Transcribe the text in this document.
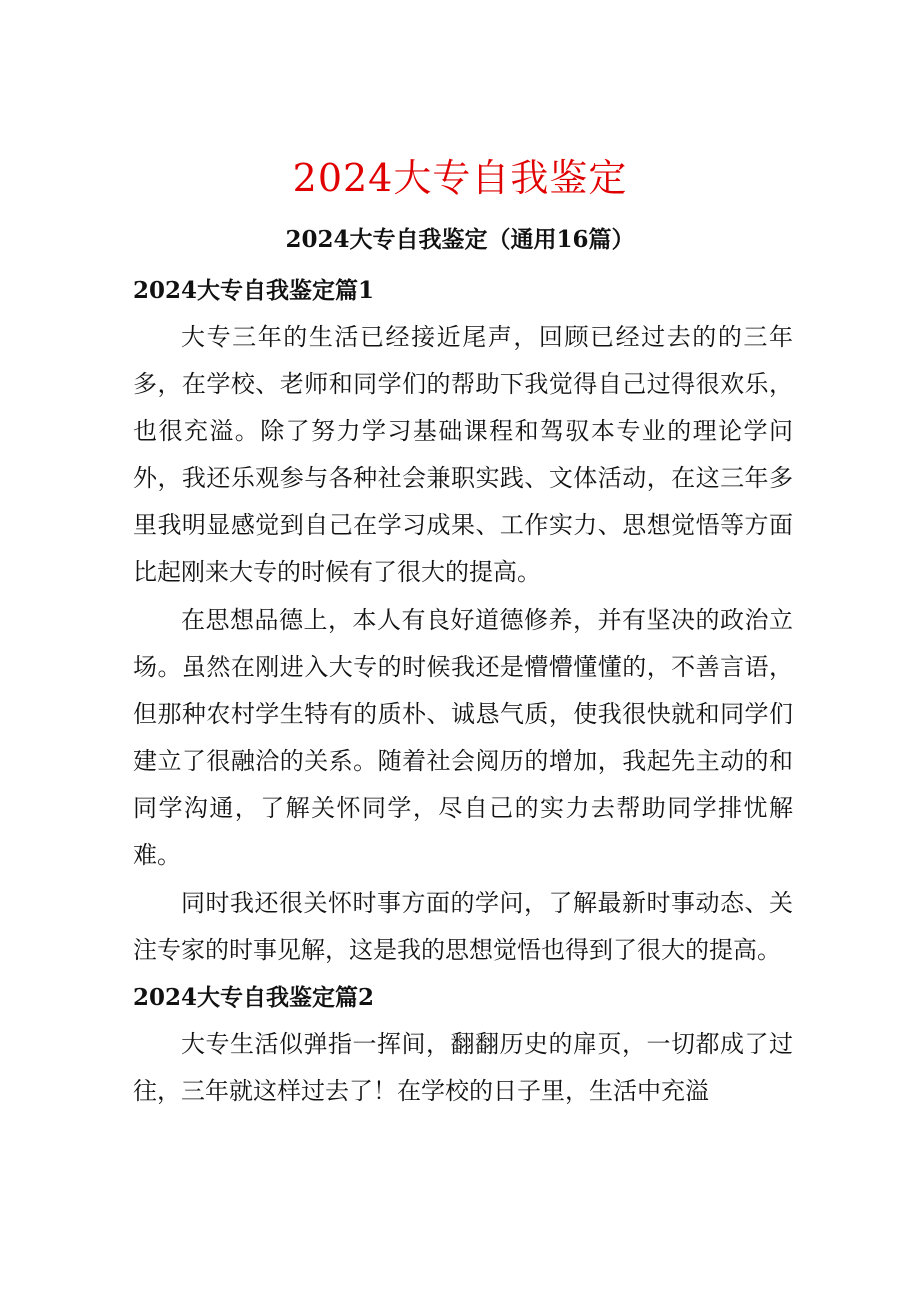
2024大专自我鉴定
2024大专自我鉴定（通用16篇）

2024大专自我鉴定篇1

大专三年的生活已经接近尾声，回顾已经过去的的三年多，在学校、老师和同学们的帮助下我觉得自己过得很欢乐，也很充溢。除了努力学习基础课程和驾驭本专业的理论学问外，我还乐观参与各种社会兼职实践、文体活动，在这三年多里我明显感觉到自己在学习成果、工作实力、思想觉悟等方面比起刚来大专的时候有了很大的提高。

在思想品德上，本人有良好道德修养，并有坚决的政治立场。虽然在刚进入大专的时候我还是懵懵懂懂的，不善言语，但那种农村学生特有的质朴、诚恳气质，使我很快就和同学们建立了很融洽的关系。随着社会阅历的增加，我起先主动的和同学沟通，了解关怀同学，尽自己的实力去帮助同学排忧解难。

同时我还很关怀时事方面的学问，了解最新时事动态、关注专家的时事见解，这是我的思想觉悟也得到了很大的提高。

2024大专自我鉴定篇2

大专生活似弹指一挥间，翻翻历史的扉页，一切都成了过往，三年就这样过去了！在学校的日子里，生活中充溢
